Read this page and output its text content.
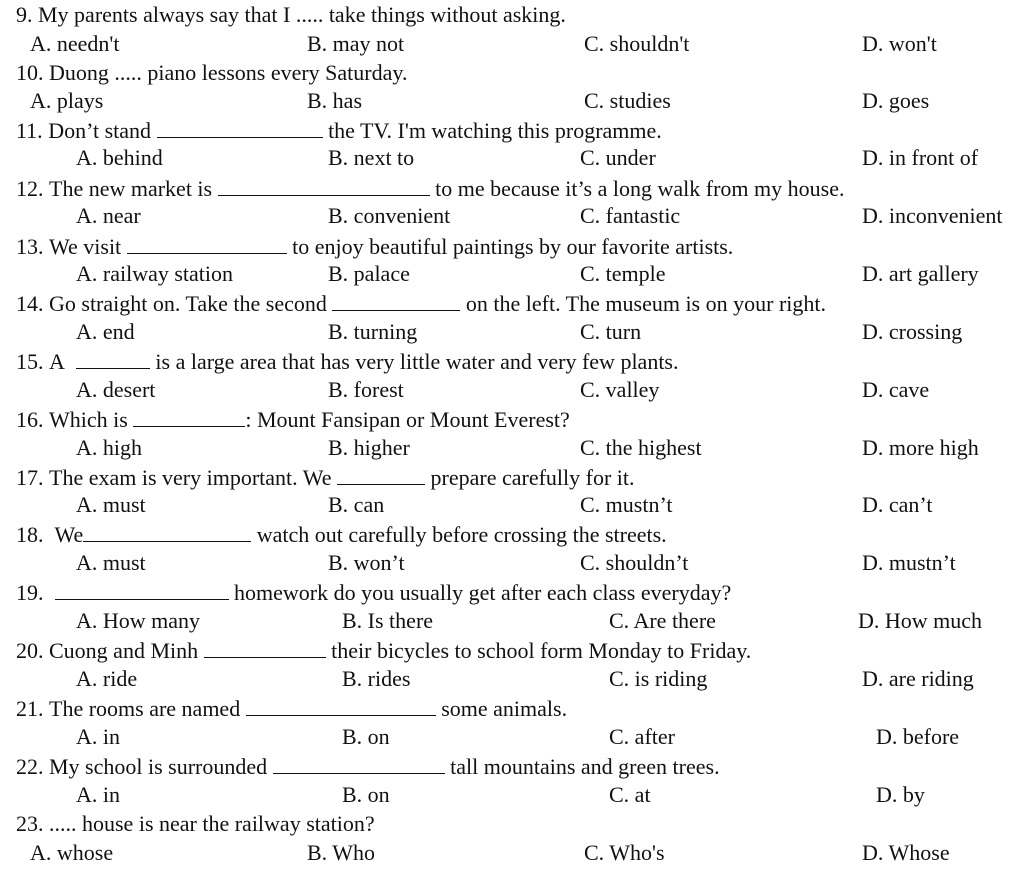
9.
My parents always say that I ..... take things without asking.
A. needn't	B. may not	C. shouldn't	D. won't
10.
Duong ..... piano lessons every Saturday.
A. plays	B. has	C. studies	D. goes
11.
Don’t stand

	the TV. I'm watching this programme.
A. behind	B. next to	C. under	D. in front of
12.
The new market is

	to me because it’s a long walk from my house.
A. near	B. convenient	C. fantastic	D. inconvenient
13.
We visit

	to enjoy beautiful paintings by our favorite artists.
A. railway station	B. palace	C. temple	D. art gallery
14.
Go straight on. Take the second

	on the left. The museum is on your right.
A. end	B. turning	C. turn	D. crossing
15.
A

	is a large area that has very little water and very few plants.
A. desert	B. forest	C. valley	D. cave
16.
Which is
	: Mount Fansipan or Mount Everest?
A. high	B. higher	C. the highest	D. more high
17.
The exam is very important. We

	prepare carefully for it.
A. must	B. can	C. mustn’t	D. can’t
18.
We
	watch out carefully before crossing the streets.
A. must	B. won’t	C. shouldn’t	D. mustn’t
19.

	homework do you usually get after each class everyday?
A. How many	B. Is there	C. Are there	D. How much
20.
Cuong and Minh

	their bicycles to school form Monday to Friday.
A. ride	B. rides	C. is riding	D. are riding
21.
The rooms are named

	some animals.
A. in	B. on	C. after	D. before
22.
My school is surrounded

	tall mountains and green trees.
A. in	B. on	C. at	D. by
23.
..... house is near the railway station?
A. whose	B. Who	C. Who's	D. Whose
